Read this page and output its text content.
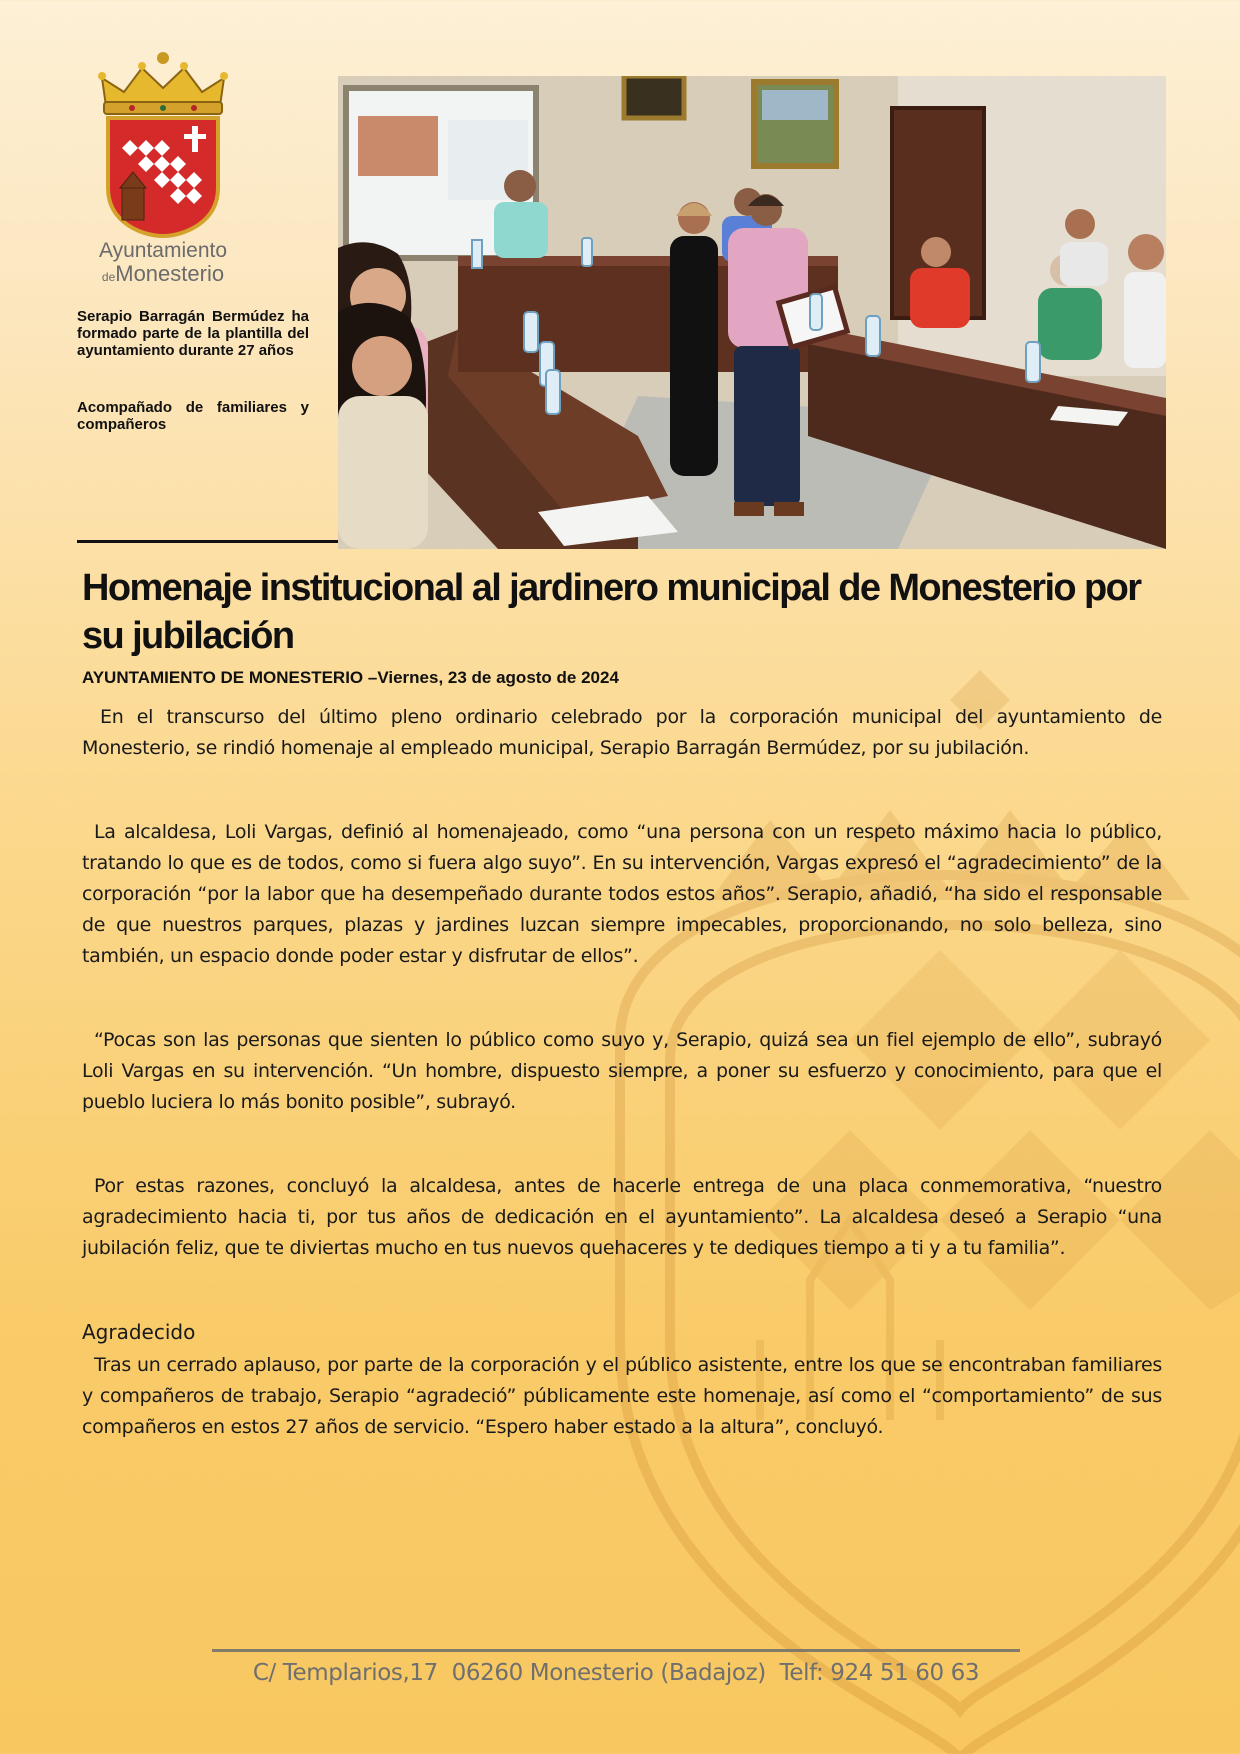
Ayuntamiento
deMonesterio

Serapio Barragán Bermúdez ha formado parte de la plantilla del ayuntamiento durante 27 años

Acompañado de familiares y compañeros

Homenaje institucional al jardinero municipal de Monesterio por su jubilación
AYUNTAMIENTO DE MONESTERIO –Viernes, 23 de agosto de 2024

En el transcurso del último pleno ordinario celebrado por la corporación municipal del ayuntamiento de Monesterio, se rindió homenaje al empleado municipal, Serapio Barragán Bermúdez, por su jubilación.

La alcaldesa, Loli Vargas, definió al homenajeado, como “una persona con un respeto máximo hacia lo público, tratando lo que es de todos, como si fuera algo suyo”. En su intervención, Vargas expresó el “agradecimiento” de la corporación “por la labor que ha desempeñado durante todos estos años”. Serapio, añadió, “ha sido el responsable de que nuestros parques, plazas y jardines luzcan siempre impecables, proporcionando, no solo belleza, sino también, un espacio donde poder estar y disfrutar de ellos”.

“Pocas son las personas que sienten lo público como suyo y, Serapio, quizá sea un fiel ejemplo de ello”, subrayó Loli Vargas en su intervención. “Un hombre, dispuesto siempre, a poner su esfuerzo y conocimiento, para que el pueblo luciera lo más bonito posible”, subrayó.

Por estas razones, concluyó la alcaldesa, antes de hacerle entrega de una placa conmemorativa, “nuestro agradecimiento hacia ti, por tus años de dedicación en el ayuntamiento”. La alcaldesa deseó a Serapio “una jubilación feliz, que te diviertas mucho en tus nuevos quehaceres y te dediques tiempo a ti y a tu familia”.

Agradecido

Tras un cerrado aplauso, por parte de la corporación y el público asistente, entre los que se encontraban familiares y compañeros de trabajo, Serapio “agradeció” públicamente este homenaje, así como el “comportamiento” de sus compañeros en estos 27 años de servicio. “Espero haber estado a la altura”, concluyó.

C/ Templarios,17  06260 Monesterio (Badajoz)  Telf: 924 51 60 63
